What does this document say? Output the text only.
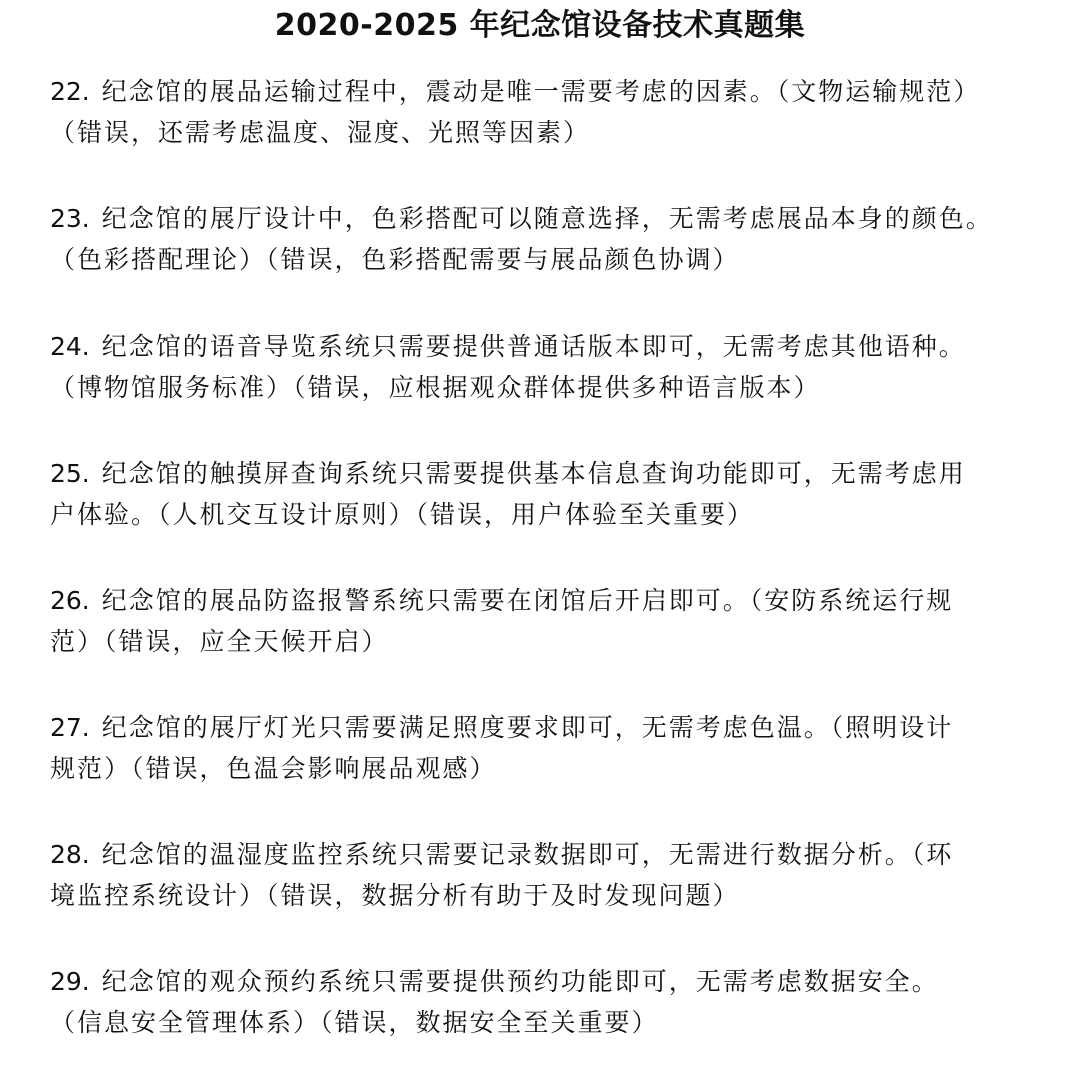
2020-2025 年纪念馆设备技术真题集
22. 纪念馆的展品运输过程中，震动是唯一需要考虑的因素。（文物运输规范）
（错误，还需考虑温度、湿度、光照等因素）
23. 纪念馆的展厅设计中，色彩搭配可以随意选择，无需考虑展品本身的颜色。
（色彩搭配理论）（错误，色彩搭配需要与展品颜色协调）
24. 纪念馆的语音导览系统只需要提供普通话版本即可，无需考虑其他语种。
（博物馆服务标准）（错误，应根据观众群体提供多种语言版本）
25. 纪念馆的触摸屏查询系统只需要提供基本信息查询功能即可，无需考虑用
户体验。（人机交互设计原则）（错误，用户体验至关重要）
26. 纪念馆的展品防盗报警系统只需要在闭馆后开启即可。（安防系统运行规
范）（错误，应全天候开启）
27. 纪念馆的展厅灯光只需要满足照度要求即可，无需考虑色温。（照明设计
规范）（错误，色温会影响展品观感）
28. 纪念馆的温湿度监控系统只需要记录数据即可，无需进行数据分析。（环
境监控系统设计）（错误，数据分析有助于及时发现问题）
29. 纪念馆的观众预约系统只需要提供预约功能即可，无需考虑数据安全。
（信息安全管理体系）（错误，数据安全至关重要）
